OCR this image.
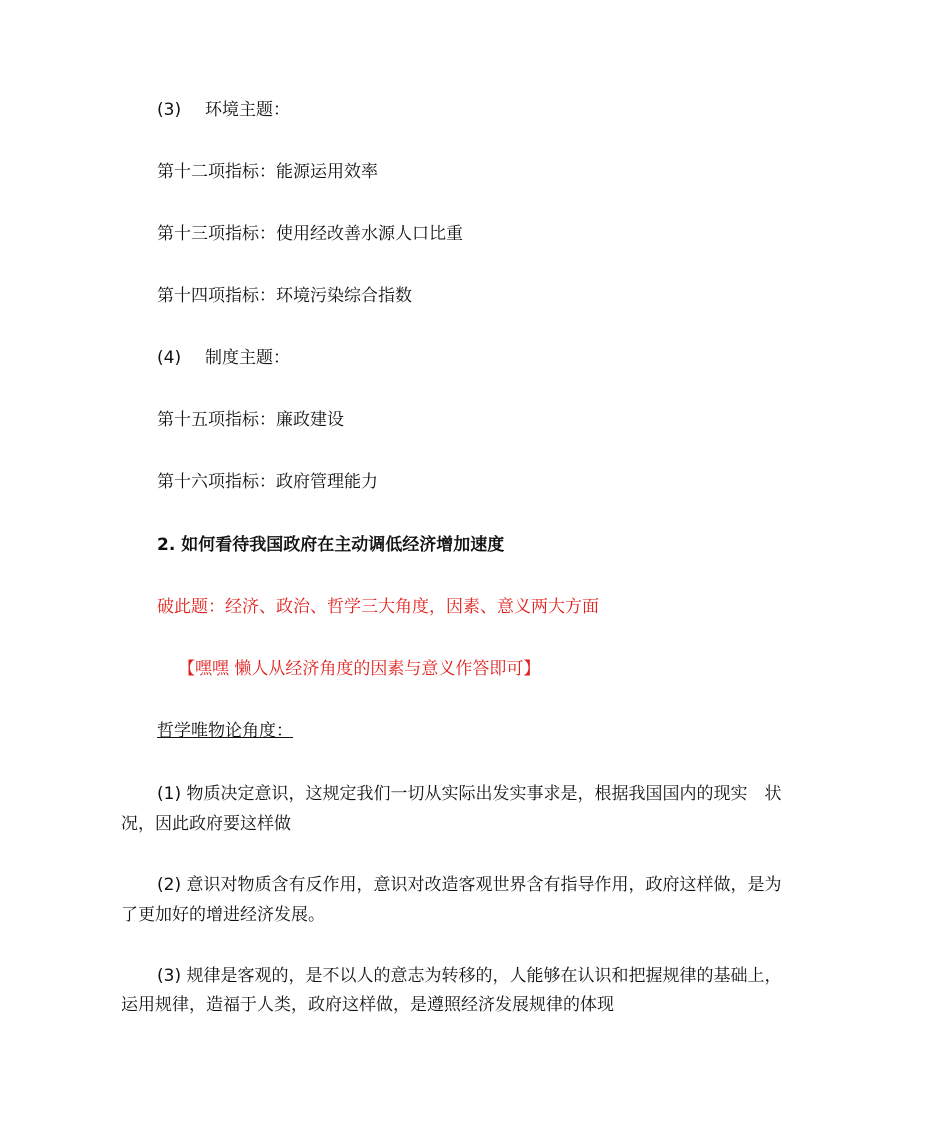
(3) 环境主题：

第十二项指标：能源运用效率

第十三项指标：使用经改善水源人口比重

第十四项指标：环境污染综合指数

(4) 制度主题：

第十五项指标：廉政建设

第十六项指标：政府管理能力

2. 如何看待我国政府在主动调低经济增加速度

破此题：经济、政治、哲学三大角度，因素、意义两大方面

【嘿嘿 懒人从经济角度的因素与意义作答即可】

哲学唯物论角度：

(1) 物质决定意识，这规定我们一切从实际出发实事求是，根据我国国内的现实　状

况，因此政府要这样做

(2) 意识对物质含有反作用，意识对改造客观世界含有指导作用，政府这样做，是为

了更加好的增进经济发展。

(3) 规律是客观的，是不以人的意志为转移的，人能够在认识和把握规律的基础上，

运用规律，造福于人类，政府这样做，是遵照经济发展规律的体现
